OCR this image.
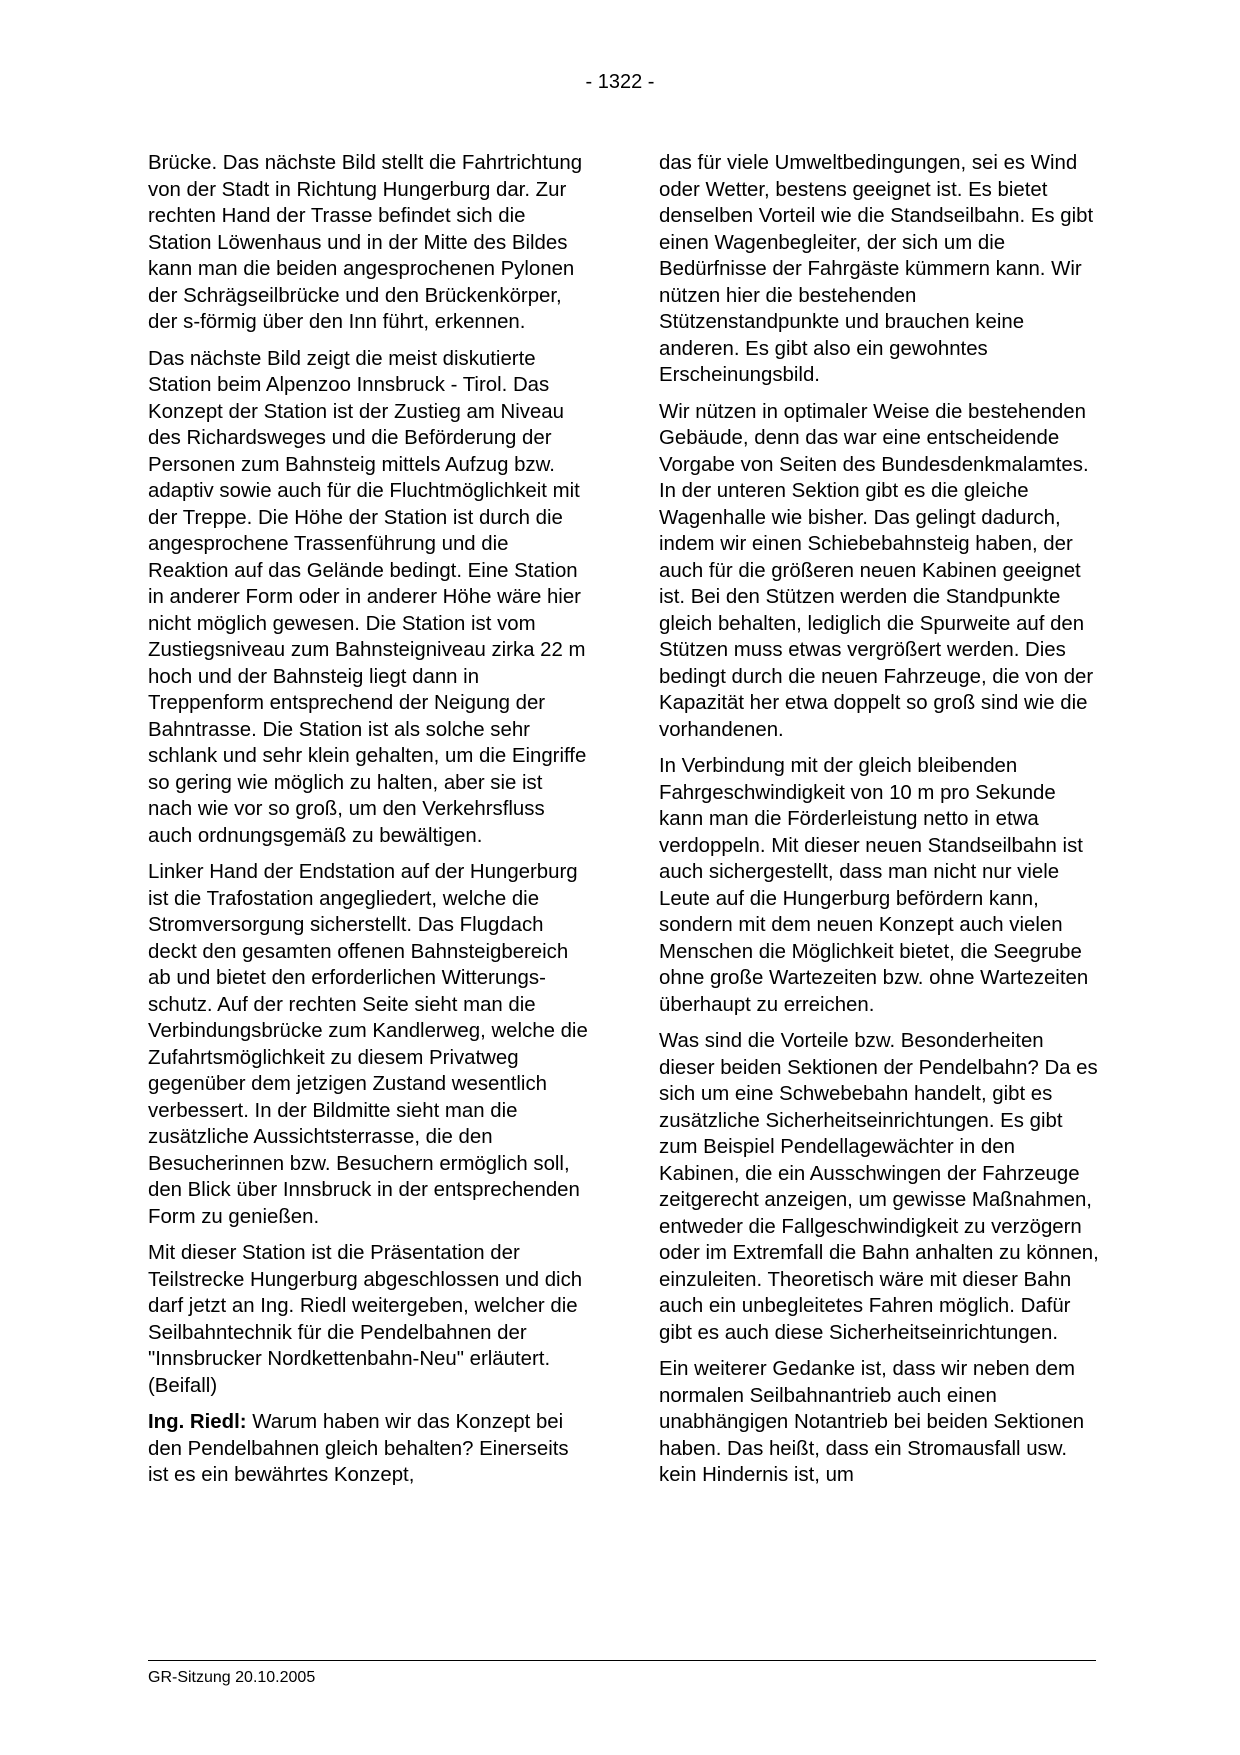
- 1322 -

Brücke. Das nächste Bild stellt die Fahrtrichtung von der Stadt in Richtung Hungerburg dar. Zur rechten Hand der Trasse befindet sich die Station Löwenhaus und in der Mitte des Bildes kann man die beiden angesprochenen Pylonen der Schrägseilbrücke und den Brückenkörper, der s-förmig über den Inn führt, erkennen.

Das nächste Bild zeigt die meist diskutierte Station beim Alpenzoo Innsbruck - Tirol. Das Konzept der Station ist der Zustieg am Niveau des Richardsweges und die Beförderung der Personen zum Bahnsteig mittels Aufzug bzw. adaptiv sowie auch für die Fluchtmöglichkeit mit der Treppe. Die Höhe der Station ist durch die angesprochene Trassenführung und die Reaktion auf das Gelände bedingt. Eine Station in anderer Form oder in anderer Höhe wäre hier nicht möglich gewesen. Die Station ist vom Zustiegsniveau zum Bahnsteigniveau zirka 22 m hoch und der Bahnsteig liegt dann in Treppenform entsprechend der Neigung der Bahntrasse. Die Station ist als solche sehr schlank und sehr klein gehalten, um die Eingriffe so gering wie möglich zu halten, aber sie ist nach wie vor so groß, um den Verkehrsfluss auch ordnungsgemäß zu bewältigen.

Linker Hand der Endstation auf der Hungerburg ist die Trafostation angegliedert, welche die Stromversorgung sicherstellt. Das Flugdach deckt den gesamten offenen Bahnsteigbereich ab und bietet den erforderlichen Witterungsschutz. Auf der rechten Seite sieht man die Verbindungsbrücke zum Kandlerweg, welche die Zufahrtsmöglichkeit zu diesem Privatweg gegenüber dem jetzigen Zustand wesentlich verbessert. In der Bildmitte sieht man die zusätzliche Aussichtsterrasse, die den Besucherinnen bzw. Besuchern ermöglich soll, den Blick über Innsbruck in der entsprechenden Form zu genießen.

Mit dieser Station ist die Präsentation der Teilstrecke Hungerburg abgeschlossen und dich darf jetzt an Ing. Riedl weitergeben, welcher die Seilbahntechnik für die Pendelbahnen der "Innsbrucker Nordkettenbahn-Neu" erläutert. (Beifall)

Ing. Riedl: Warum haben wir das Konzept bei den Pendelbahnen gleich behalten? Einerseits ist es ein bewährtes Konzept,

das für viele Umweltbedingungen, sei es Wind oder Wetter, bestens geeignet ist. Es bietet denselben Vorteil wie die Standseilbahn. Es gibt einen Wagenbegleiter, der sich um die Bedürfnisse der Fahrgäste kümmern kann. Wir nützen hier die bestehenden Stützenstandpunkte und brauchen keine anderen. Es gibt also ein gewohntes Erscheinungsbild.

Wir nützen in optimaler Weise die bestehenden Gebäude, denn das war eine entscheidende Vorgabe von Seiten des Bundesdenkmalamtes. In der unteren Sektion gibt es die gleiche Wagenhalle wie bisher. Das gelingt dadurch, indem wir einen Schiebebahnsteig haben, der auch für die größeren neuen Kabinen geeignet ist. Bei den Stützen werden die Standpunkte gleich behalten, lediglich die Spurweite auf den Stützen muss etwas vergrößert werden. Dies bedingt durch die neuen Fahrzeuge, die von der Kapazität her etwa doppelt so groß sind wie die vorhandenen.

In Verbindung mit der gleich bleibenden Fahrgeschwindigkeit von 10 m pro Sekunde kann man die Förderleistung netto in etwa verdoppeln. Mit dieser neuen Standseilbahn ist auch sichergestellt, dass man nicht nur viele Leute auf die Hungerburg befördern kann, sondern mit dem neuen Konzept auch vielen Menschen die Möglichkeit bietet, die Seegrube ohne große Wartezeiten bzw. ohne Wartezeiten überhaupt zu erreichen.

Was sind die Vorteile bzw. Besonderheiten dieser beiden Sektionen der Pendelbahn? Da es sich um eine Schwebebahn handelt, gibt es zusätzliche Sicherheitseinrichtungen. Es gibt zum Beispiel Pendellagewächter in den Kabinen, die ein Ausschwingen der Fahrzeuge zeitgerecht anzeigen, um gewisse Maßnahmen, entweder die Fallgeschwindigkeit zu verzögern oder im Extremfall die Bahn anhalten zu können, einzuleiten. Theoretisch wäre mit dieser Bahn auch ein unbegleitetes Fahren möglich. Dafür gibt es auch diese Sicherheitseinrichtungen.

Ein weiterer Gedanke ist, dass wir neben dem normalen Seilbahnantrieb auch einen unabhängigen Notantrieb bei beiden Sektionen haben. Das heißt, dass ein Stromausfall usw. kein Hindernis ist, um

GR-Sitzung 20.10.2005
